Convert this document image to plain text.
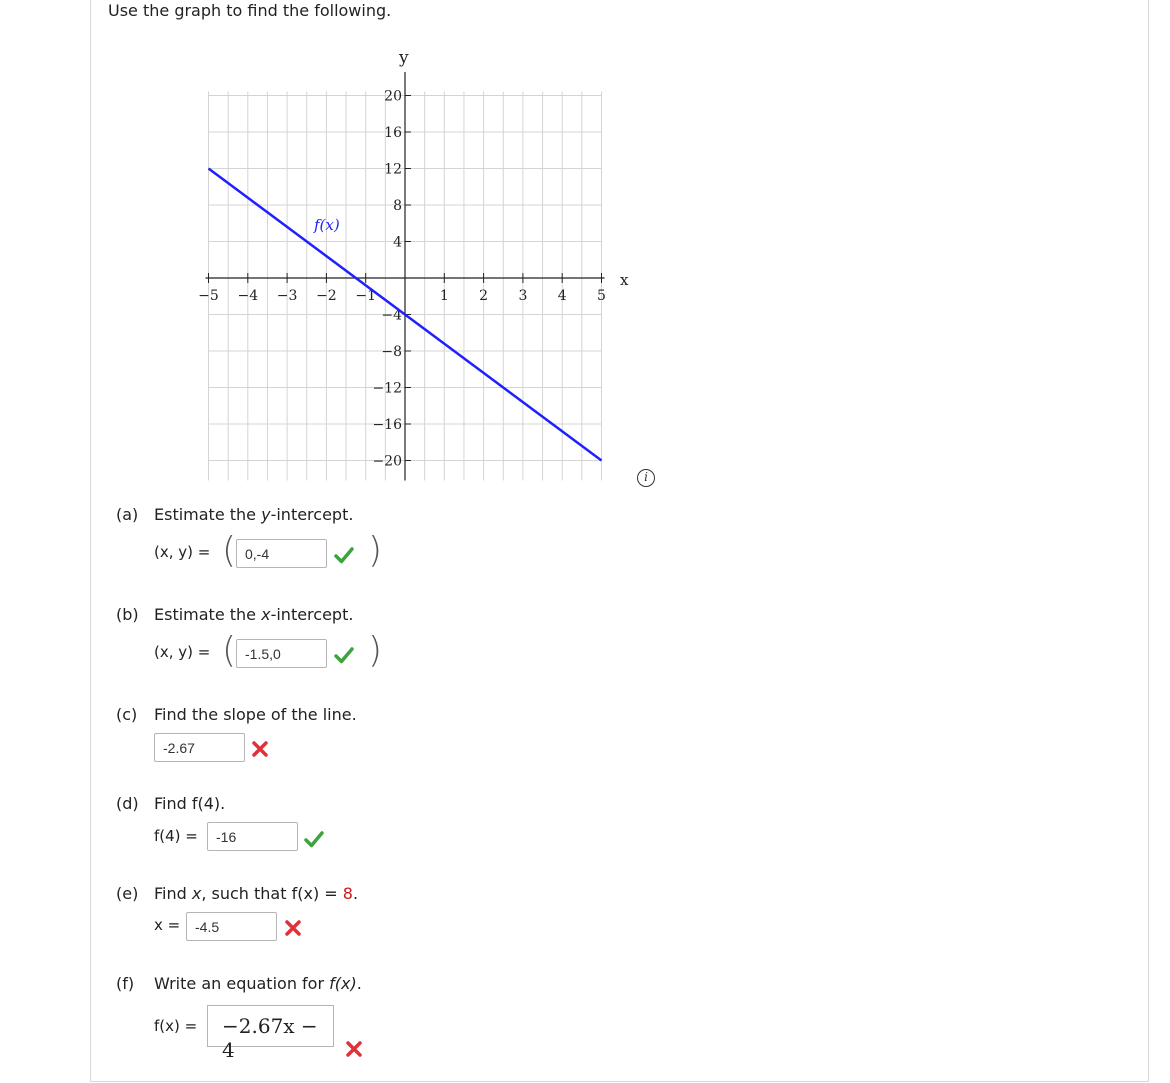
Use the graph to find the following.
x
y
−5 −4 −3 −2 −1	1 2 3 4 5
20
16
12
8
4
−4
−8
−12
−16
−20
f(x)
i
(a) Estimate the y-intercept.
(x, y) = ( 0,-4	)
(b) Estimate the x-intercept.
(x, y) = ( -1.5,0	)
(c) Find the slope of the line.
-2.67
(d) Find f(4).
f(4) =	-16
(e) Find x, such that f(x) = 8.
x =	-4.5
(f) Write an equation for f(x).
f(x) =	−2.67x − 4
